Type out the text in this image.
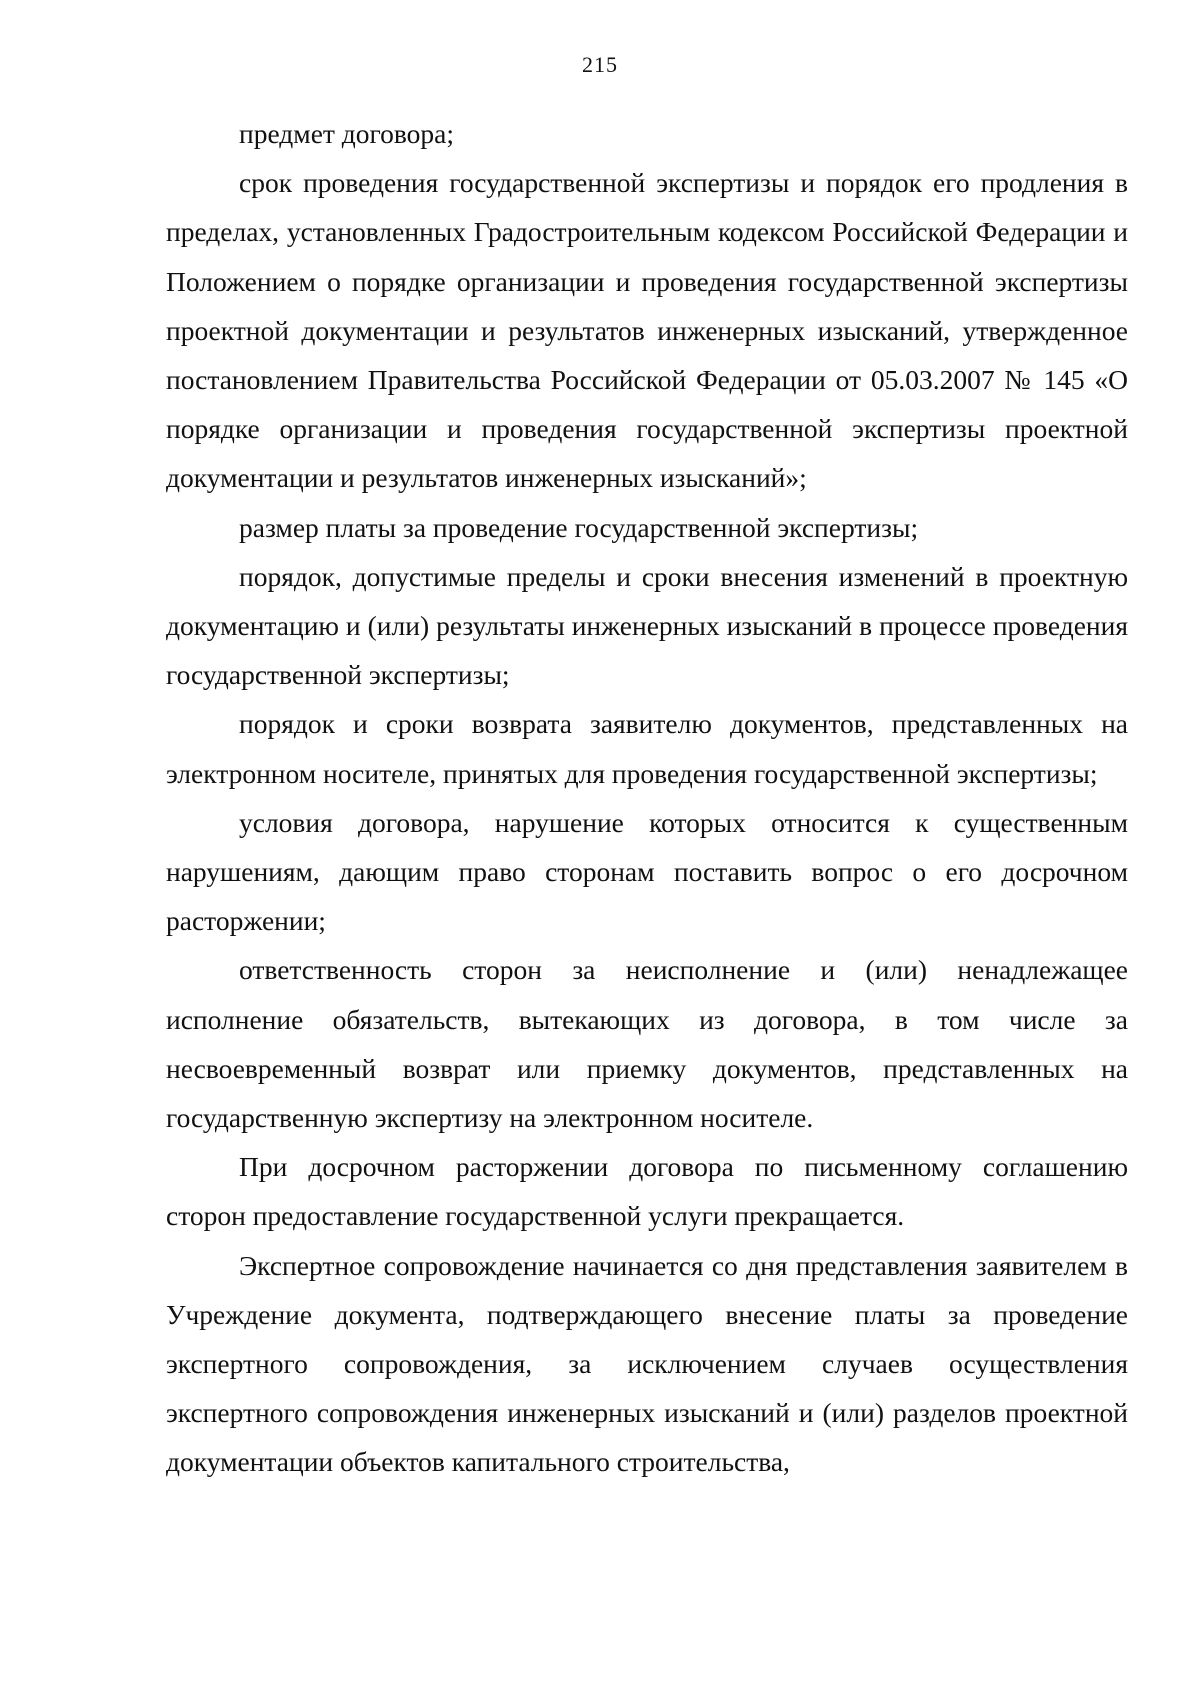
215

предмет договора;

срок проведения государственной экспертизы и порядок его продления в пределах, установленных Градостроительным кодексом Российской Федерации и Положением о порядке организации и проведения государственной экспертизы проектной документации и результатов инженерных изысканий, утвержденное постановлением Правительства Российской Федерации от 05.03.2007 № 145 «О порядке организации и проведения государственной экспертизы проектной документации и результатов инженерных изысканий»;

размер платы за проведение государственной экспертизы;

порядок, допустимые пределы и сроки внесения изменений в проектную документацию и (или) результаты инженерных изысканий в процессе проведения государственной экспертизы;

порядок и сроки возврата заявителю документов, представленных на электронном носителе, принятых для проведения государственной экспертизы;

условия договора, нарушение которых относится к существенным нарушениям, дающим право сторонам поставить вопрос о его досрочном расторжении;

ответственность сторон за неисполнение и (или) ненадлежащее исполнение обязательств, вытекающих из договора, в том числе за несвоевременный возврат или приемку документов, представленных на государственную экспертизу на электронном носителе.

При досрочном расторжении договора по письменному соглашению сторон предоставление государственной услуги прекращается.

Экспертное сопровождение начинается со дня представления заявителем в Учреждение документа, подтверждающего внесение платы за проведение экспертного сопровождения, за исключением случаев осуществления экспертного сопровождения инженерных изысканий и (или) разделов проектной документации объектов капитального строительства,
